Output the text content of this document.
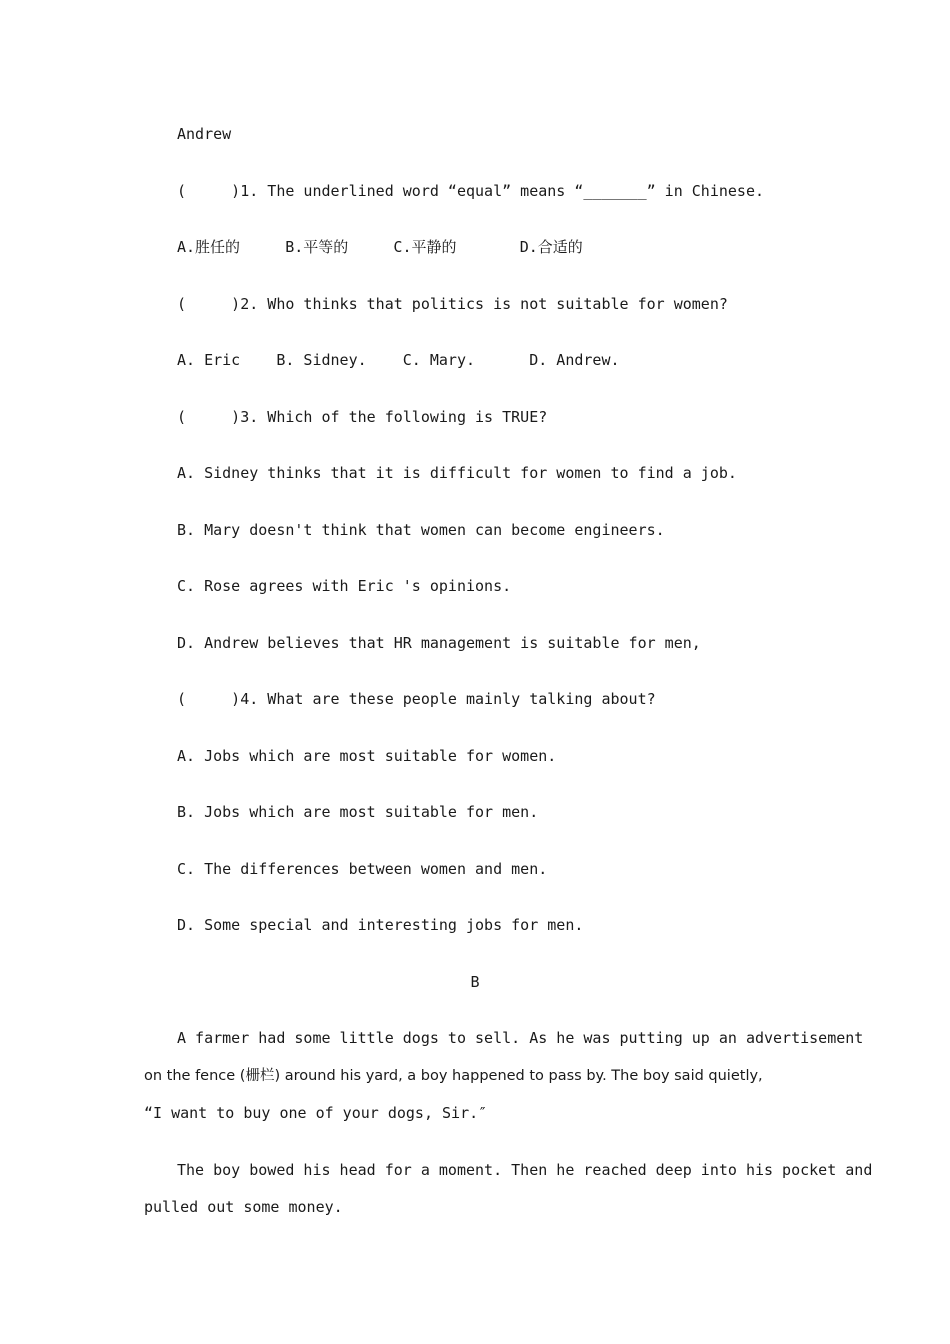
Andrew
(     )1. The underlined word “equal” means “_______” in Chinese.
A.胜任的     B.平等的     C.平静的       D.合适的
(     )2. Who thinks that politics is not suitable for women?
A. Eric    B. Sidney.    C. Mary.      D. Andrew.
(     )3. Which of the following is TRUE?
A. Sidney thinks that it is difficult for women to find a job.
B. Mary doesn't think that women can become engineers.
C. Rose agrees with Eric 's opinions.
D. Andrew believes that HR management is suitable for men,
(     )4. What are these people mainly talking about?
A. Jobs which are most suitable for women.
B. Jobs which are most suitable for men.
C. The differences between women and men.
D. Some special and interesting jobs for men.
B
A farmer had some little dogs to sell. As he was putting up an advertisement
on the fence (栅栏) around his yard, a boy happened to pass by. The boy said quietly,
“I want to buy one of your dogs, Sir.″
The boy bowed his head for a moment. Then he reached deep into his pocket and
pulled out some money.
